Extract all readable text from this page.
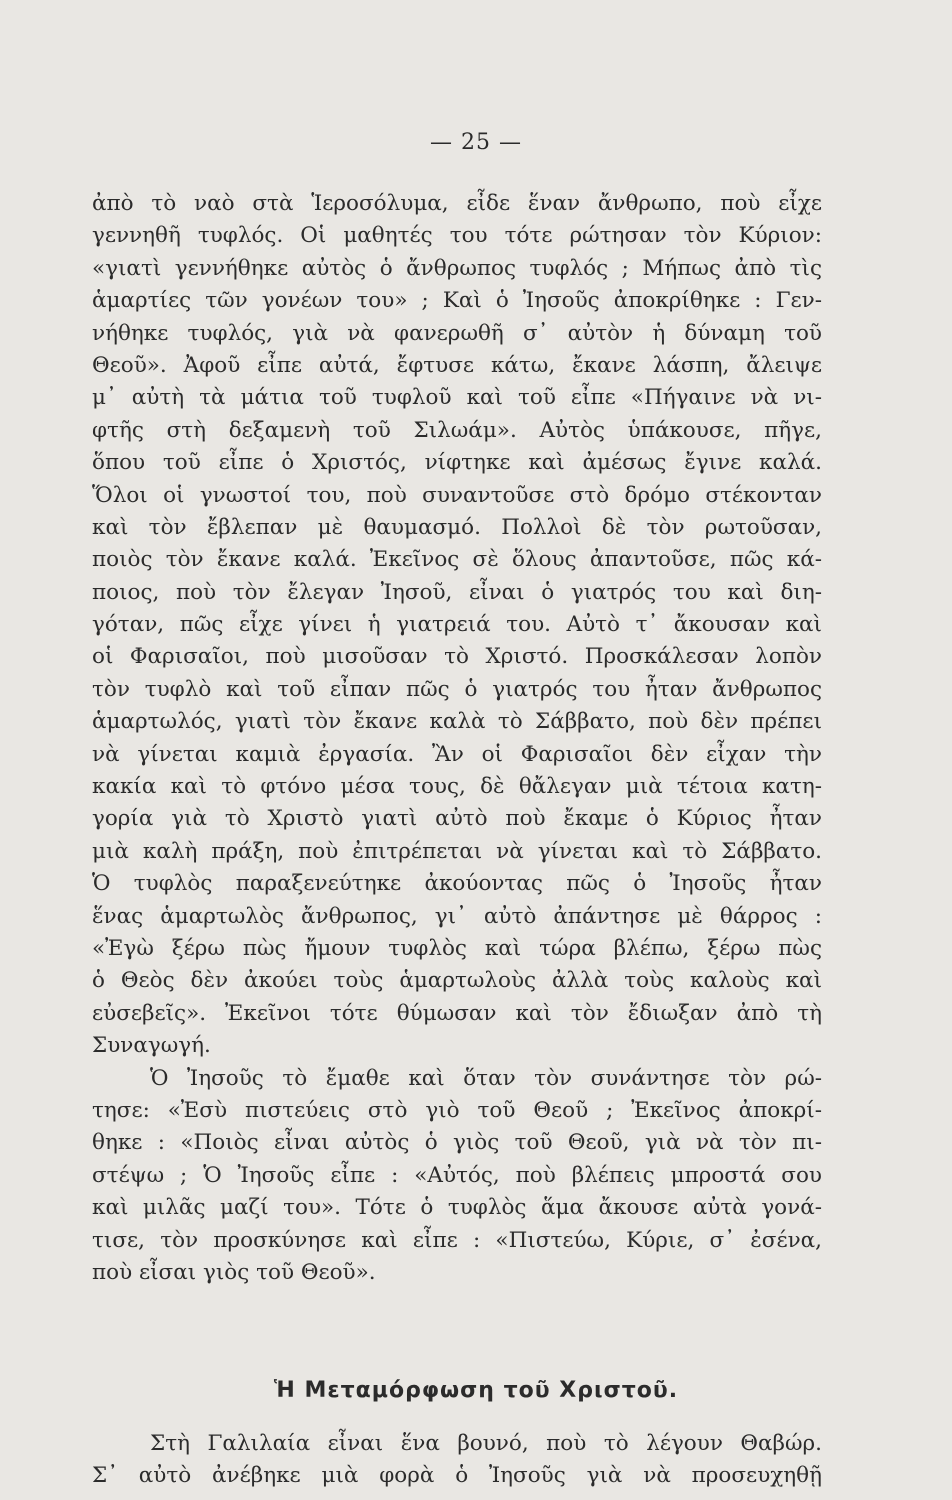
— 25 —
ἀπὸ τὸ ναὸ στὰ Ἱεροσόλυμα, εἶδε ἕναν ἄνθρωπο, ποὺ εἶχε
γεννηθῆ τυφλός. Οἱ μαθητές του τότε ρώτησαν τὸν Κύριον:
«γιατὶ γεννήθηκε αὐτὸς ὁ ἄνθρωπος τυφλός ; Μήπως ἀπὸ τὶς
ἁμαρτίες τῶν γονέων του» ; Καὶ ὁ Ἰησοῦς ἀποκρίθηκε : Γεν-
νήθηκε τυφλός, γιὰ νὰ φανερωθῆ σ᾿ αὐτὸν ἡ δύναμη τοῦ
Θεοῦ». Ἀφοῦ εἶπε αὐτά, ἔφτυσε κάτω, ἔκανε λάσπη, ἄλειψε
μ᾿ αὐτὴ τὰ μάτια τοῦ τυφλοῦ καὶ τοῦ εἶπε «Πήγαινε νὰ νι-
φτῆς στὴ δεξαμενὴ τοῦ Σιλωάμ». Αὐτὸς ὑπάκουσε, πῆγε,
ὅπου τοῦ εἶπε ὁ Χριστός, νίφτηκε καὶ ἀμέσως ἔγινε καλά.
Ὅλοι οἱ γνωστοί του, ποὺ συναντοῦσε στὸ δρόμο στέκονταν
καὶ τὸν ἔβλεπαν μὲ θαυμασμό. Πολλοὶ δὲ τὸν ρωτοῦσαν,
ποιὸς τὸν ἔκανε καλά. Ἐκεῖνος σὲ ὅλους ἀπαντοῦσε, πῶς κά-
ποιος, ποὺ τὸν ἔλεγαν Ἰησοῦ, εἶναι ὁ γιατρός του καὶ διη-
γόταν, πῶς εἶχε γίνει ἡ γιατρειά του. Αὐτὸ τ᾿ ἄκουσαν καὶ
οἱ Φαρισαῖοι, ποὺ μισοῦσαν τὸ Χριστό. Προσκάλεσαν λοπὸν
τὸν τυφλὸ καὶ τοῦ εἶπαν πῶς ὁ γιατρός του ἦταν ἄνθρωπος
ἁμαρτωλός, γιατὶ τὸν ἔκανε καλὰ τὸ Σάββατο, ποὺ δὲν πρέπει
νὰ γίνεται καμιὰ ἐργασία. Ἂν οἱ Φαρισαῖοι δὲν εἶχαν τὴν
κακία καὶ τὸ φτόνο μέσα τους, δὲ θἄλεγαν μιὰ τέτοια κατη-
γορία γιὰ τὸ Χριστὸ γιατὶ αὐτὸ ποὺ ἔκαμε ὁ Κύριος ἦταν
μιὰ καλὴ πράξη, ποὺ ἐπιτρέπεται νὰ γίνεται καὶ τὸ Σάββατο.
Ὁ τυφλὸς παραξενεύτηκε ἀκούοντας πῶς ὁ Ἰησοῦς ἦταν
ἕνας ἁμαρτωλὸς ἄνθρωπος, γι᾿ αὐτὸ ἀπάντησε μὲ θάρρος :
«Ἐγὼ ξέρω πὼς ἤμουν τυφλὸς καὶ τώρα βλέπω, ξέρω πὼς
ὁ Θεὸς δὲν ἀκούει τοὺς ἁμαρτωλοὺς ἀλλὰ τοὺς καλοὺς καὶ
εὐσεβεῖς». Ἐκεῖνοι τότε θύμωσαν καὶ τὸν ἔδιωξαν ἀπὸ τὴ
Συναγωγή.
Ὁ Ἰησοῦς τὸ ἔμαθε καὶ ὅταν τὸν συνάντησε τὸν ρώ-
τησε: «Ἐσὺ πιστεύεις στὸ γιὸ τοῦ Θεοῦ ; Ἐκεῖνος ἀποκρί-
θηκε : «Ποιὸς εἶναι αὐτὸς ὁ γιὸς τοῦ Θεοῦ, γιὰ νὰ τὸν πι-
στέψω ; Ὁ Ἰησοῦς εἶπε : «Αὐτός, ποὺ βλέπεις μπροστά σου
καὶ μιλᾶς μαζί του». Τότε ὁ τυφλὸς ἅμα ἄκουσε αὐτὰ γονά-
τισε, τὸν προσκύνησε καὶ εἶπε : «Πιστεύω, Κύριε, σ᾿ ἐσένα,
ποὺ εἶσαι γιὸς τοῦ Θεοῦ».
Ἡ Μεταμόρφωση τοῦ Χριστοῦ.
Στὴ Γαλιλαία εἶναι ἕνα βουνό, ποὺ τὸ λέγουν Θαβώρ.
Σ᾿ αὐτὸ ἀνέβηκε μιὰ φορὰ ὁ Ἰησοῦς γιὰ νὰ προσευχηθῇ
